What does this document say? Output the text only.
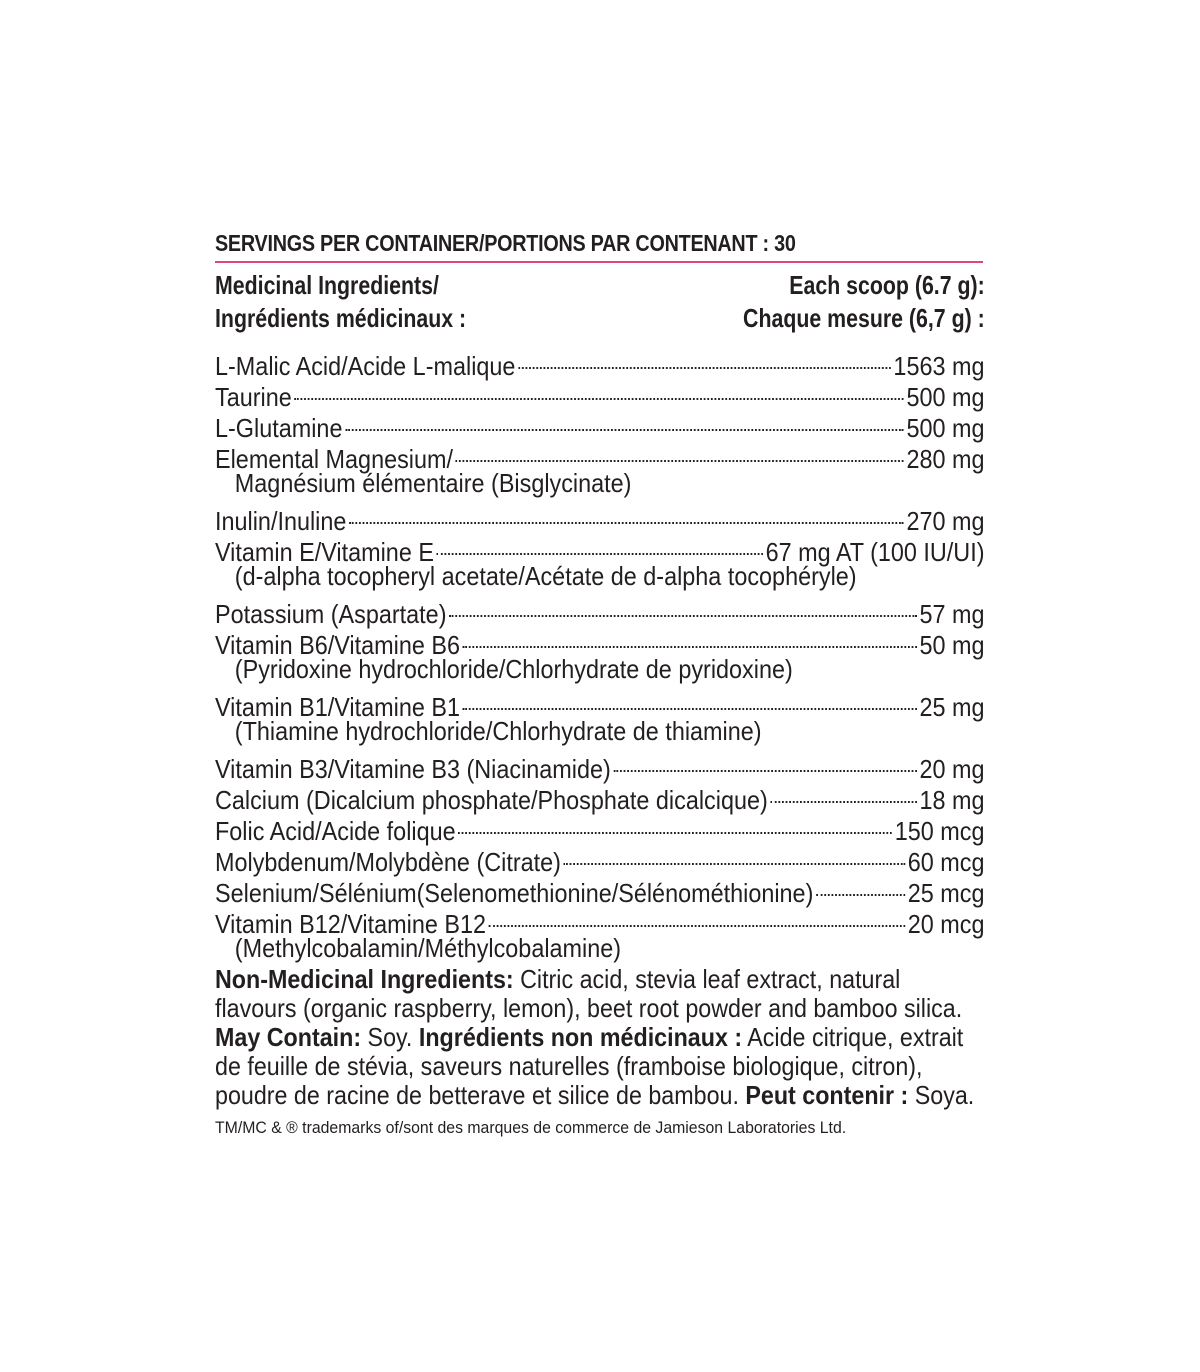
SERVINGS PER CONTAINER/PORTIONS PAR CONTENANT : 30
Medicinal Ingredients/
Ingrédients médicinaux :
Each scoop (6.7 g):
Chaque mesure (6,7 g) :
L-Malic Acid/Acide L-malique	1563 mg
Taurine	500 mg
L-Glutamine	500 mg
Elemental Magnesium/	280 mg
Magnésium élémentaire (Bisglycinate)
Inulin/Inuline	270 mg
Vitamin E/Vitamine E	67 mg AT (100 IU/UI)
(d-alpha tocopheryl acetate/Acétate de d-alpha tocophéryle)
Potassium (Aspartate)	57 mg
Vitamin B6/Vitamine B6	50 mg
(Pyridoxine hydrochloride/Chlorhydrate de pyridoxine)
Vitamin B1/Vitamine B1	25 mg
(Thiamine hydrochloride/Chlorhydrate de thiamine)
Vitamin B3/Vitamine B3 (Niacinamide)	20 mg
Calcium (Dicalcium phosphate/Phosphate dicalcique)	18 mg
Folic Acid/Acide folique	150 mcg
Molybdenum/Molybdène (Citrate)	60 mcg
Selenium/Sélénium(Selenomethionine/Sélénométhionine)	25 mcg
Vitamin B12/Vitamine B12	20 mcg
(Methylcobalamin/Méthylcobalamine)
Non-Medicinal Ingredients: Citric acid, stevia leaf extract, natural flavours (organic raspberry, lemon), beet root powder and bamboo silica. May Contain: Soy. Ingrédients non médicinaux : Acide citrique, extrait de feuille de stévia, saveurs naturelles (framboise biologique, citron), poudre de racine de betterave et silice de bambou. Peut contenir : Soya.
TM/MC & ® trademarks of/sont des marques de commerce de Jamieson Laboratories Ltd.
